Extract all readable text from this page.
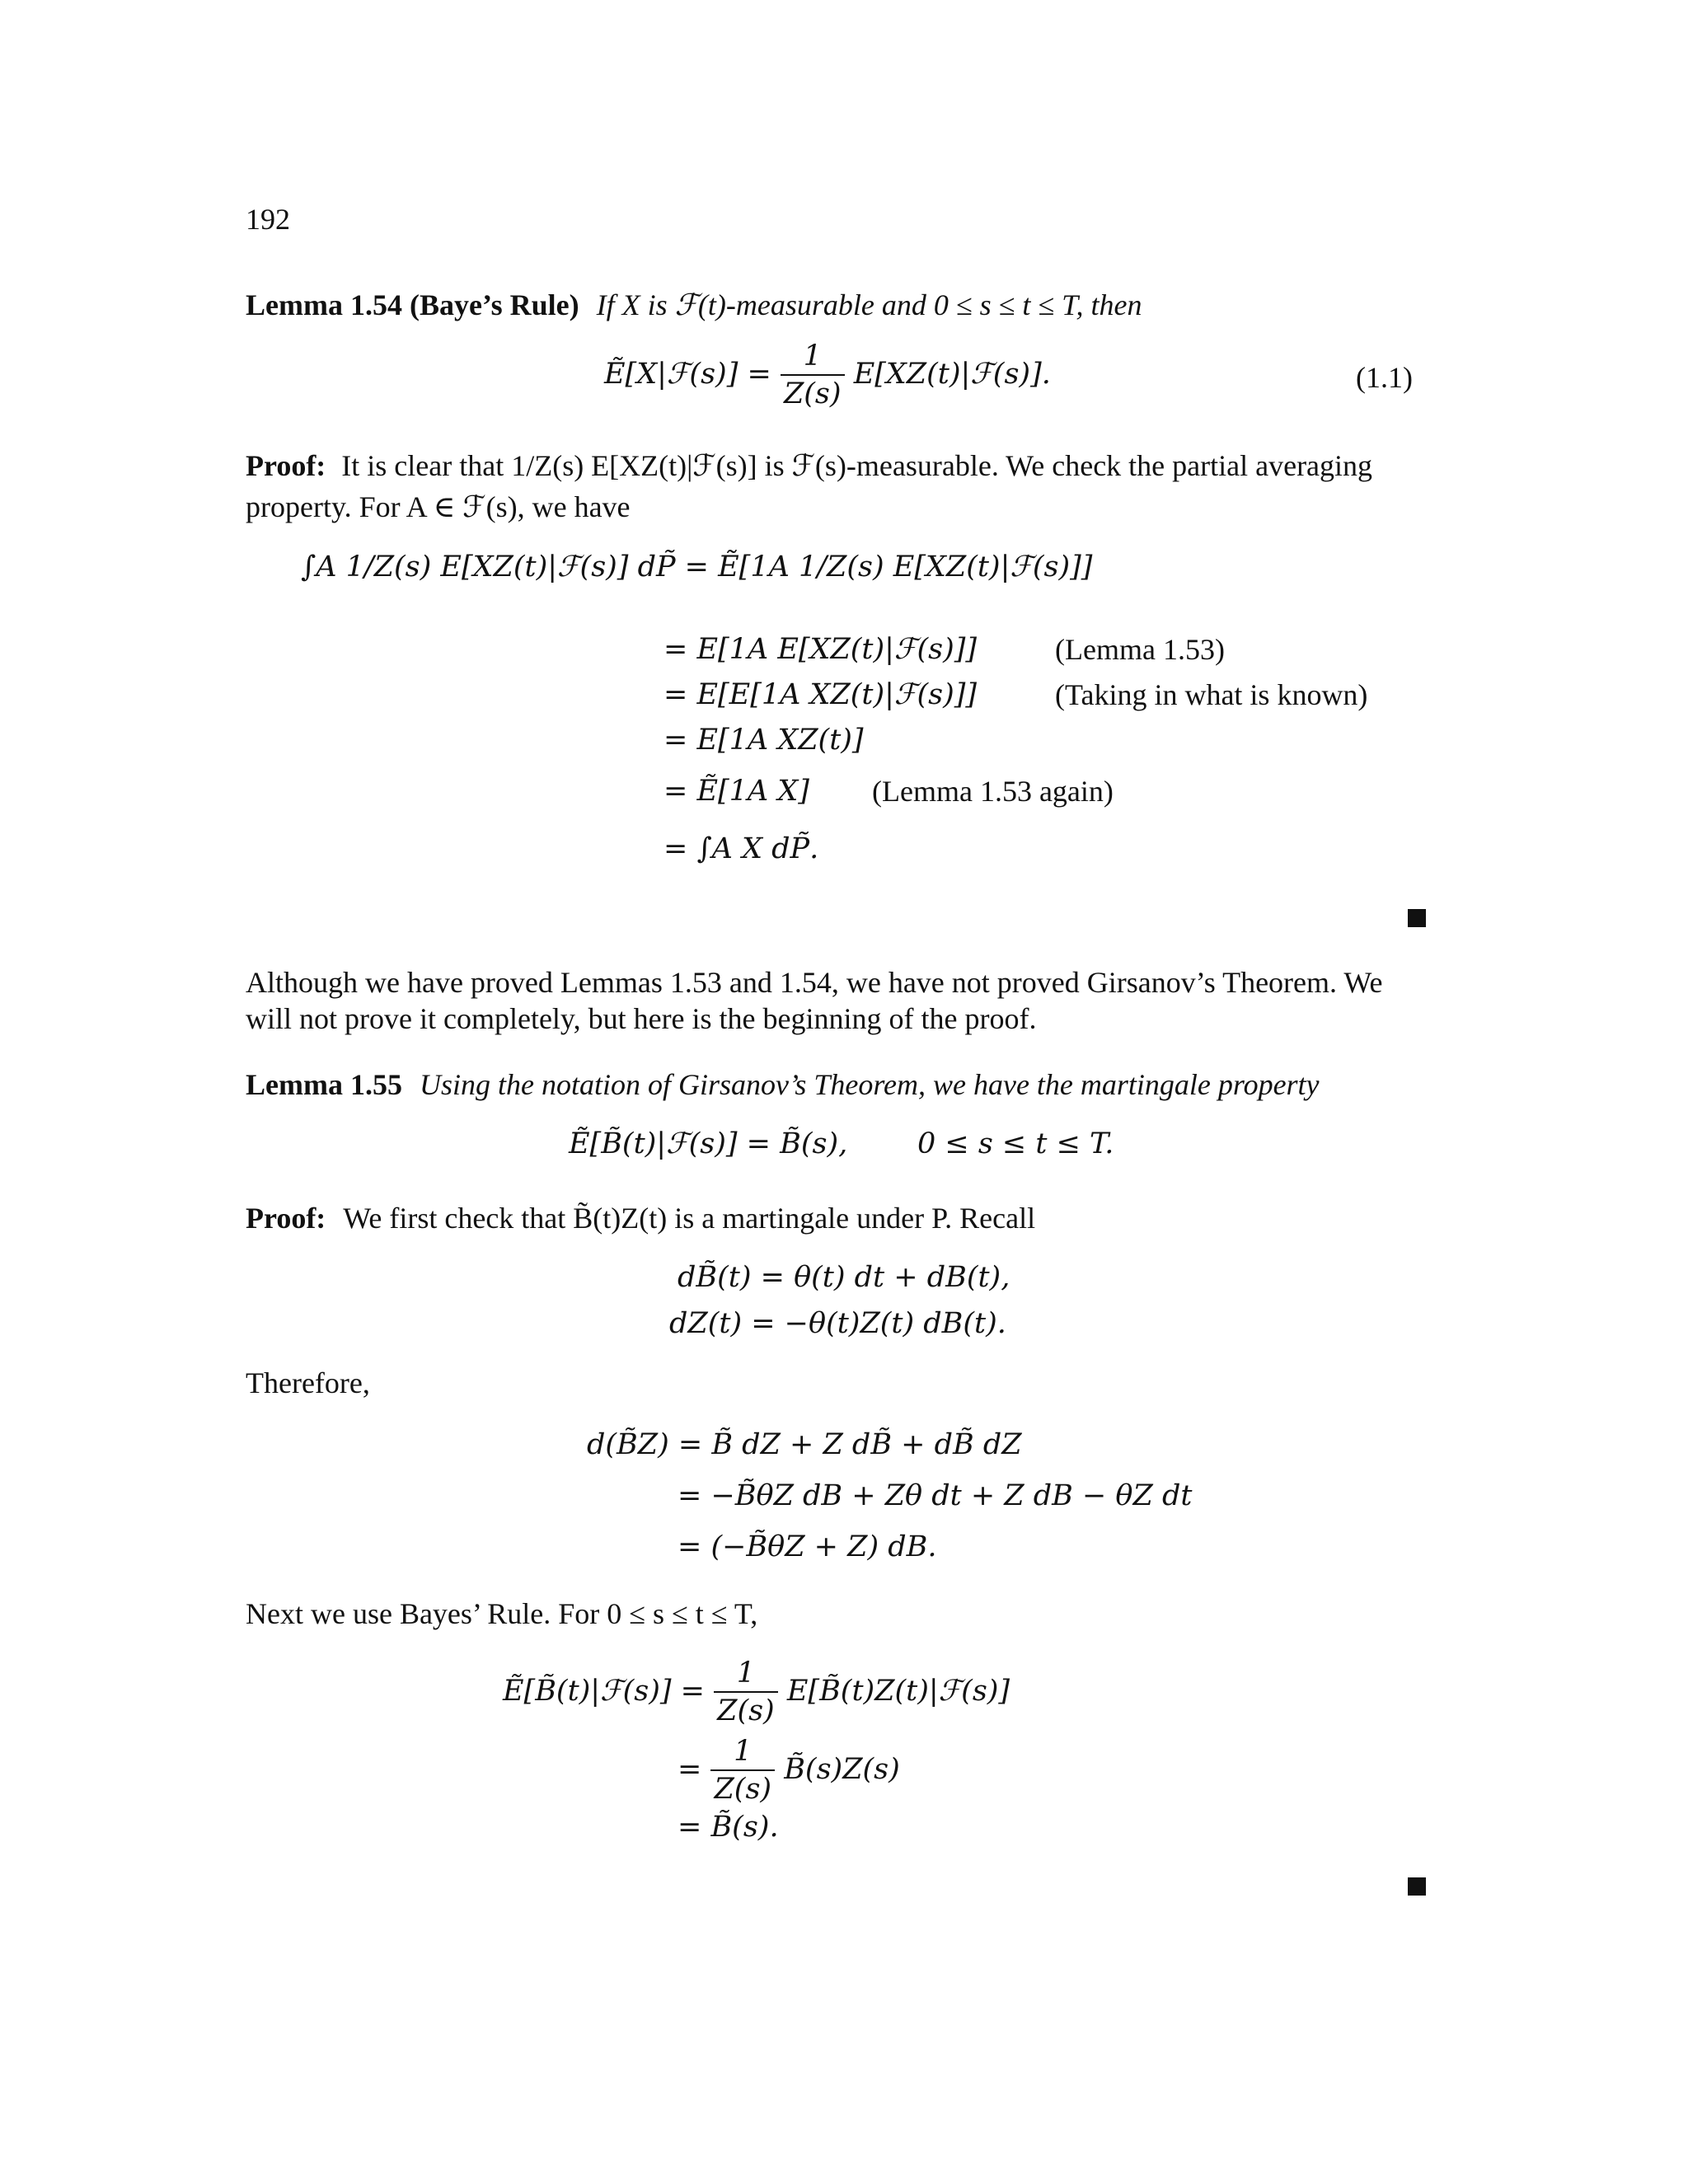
192
Lemma 1.54 (Baye’s Rule) If X is ℱ(t)-measurable and 0 ≤ s ≤ t ≤ T, then
Ẽ[X|ℱ(s)] = $\frac{1}{Z(s)}$ E[XZ(t)|ℱ(s)].	(1.1)
Proof: It is clear that 1/Z(s) E[XZ(t)|ℱ(s)] is ℱ(s)-measurable. We check the partial averaging
property. For A ∈ ℱ(s), we have
∫A 1/Z(s) E[XZ(t)|ℱ(s)] dP̃ = Ẽ[1A 1/Z(s) E[XZ(t)|ℱ(s)]]
= E[1A E[XZ(t)|ℱ(s)]]	(Lemma 1.53)
= E[E[1A XZ(t)|ℱ(s)]]	(Taking in what is known)
= E[1A XZ(t)]
= Ẽ[1A X] (Lemma 1.53 again)
= ∫A X dP̃.
Although we have proved Lemmas 1.53 and 1.54, we have not proved Girsanov’s Theorem. We
will not prove it completely, but here is the beginning of the proof.
Lemma 1.55 Using the notation of Girsanov’s Theorem, we have the martingale property
Ẽ[B̃(t)|ℱ(s)] = B̃(s), 0 ≤ s ≤ t ≤ T.
Proof: We first check that B̃(t)Z(t) is a martingale under P. Recall
dB̃(t) = θ(t) dt + dB(t),
dZ(t) = −θ(t)Z(t) dB(t).
Therefore,
d(B̃Z) = B̃ dZ + Z dB̃ + dB̃ dZ
= −B̃θZ dB + Zθ dt + Z dB − θZ dt
= (−B̃θZ + Z) dB.
Next we use Bayes’ Rule. For 0 ≤ s ≤ t ≤ T,
Ẽ[B̃(t)|ℱ(s)] = $\frac{1}{Z(s)}$ E[B̃(t)Z(t)|ℱ(s)]
= $\frac{1}{Z(s)}$ B̃(s)Z(s)
= B̃(s).
